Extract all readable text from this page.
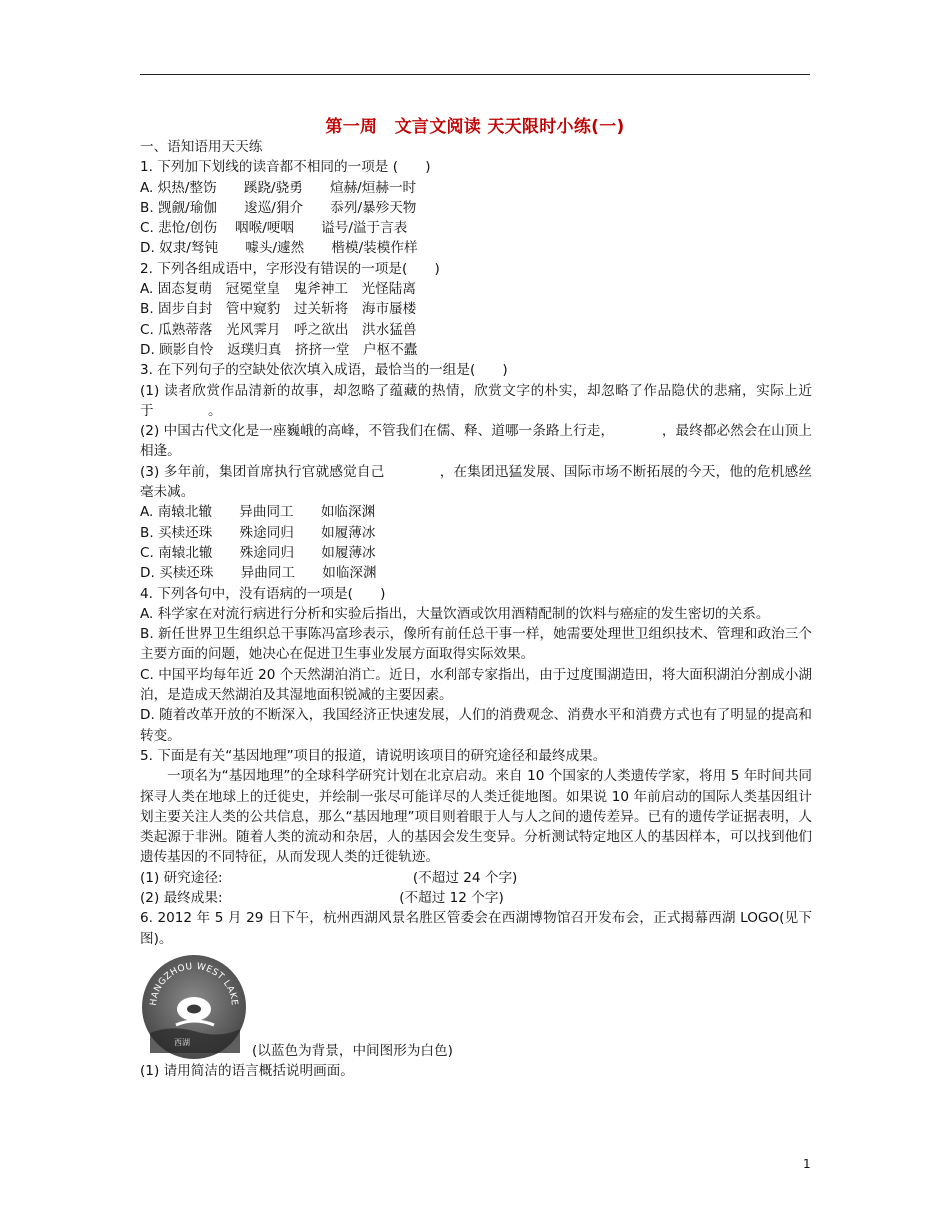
第一周　文言文阅读 天天限时小练(一)
一、语知语用天天练
1. 下列加下划线的读音都不相同的一项是 (　　)
A. 炽热/整饬　　蹊跷/骁勇　　煊赫/烜赫一时
B. 觊觎/瑜伽　　逡巡/狷介　　忝列/暴殄天物
C. 悲怆/创伤　 咽喉/哽咽　　谥号/溢于言表
D. 奴隶/驽钝　　噱头/遽然　　楷模/装模作样
2. 下列各组成语中，字形没有错误的一项是(　　)
A. 固态复萌　冠冕堂皇　鬼斧神工　光怪陆离
B. 固步自封　管中窥豹　过关斩将　海市蜃楼
C. 瓜熟蒂落　光风霁月　呼之欲出　洪水猛兽
D. 顾影自怜　返璞归真　挤挤一堂　户枢不蠹
3. 在下列句子的空缺处依次填入成语，最恰当的一组是(　　)
(1) 读者欣赏作品清新的故事，却忽略了蕴藏的热情，欣赏文字的朴实，却忽略了作品隐伏的悲痛，实际上近于　　　　。
(2) 中国古代文化是一座巍峨的高峰，不管我们在儒、释、道哪一条路上行走，　　　　，最终都必然会在山顶上相逢。
(3) 多年前，集团首席执行官就感觉自己　　　　，在集团迅猛发展、国际市场不断拓展的今天，他的危机感丝毫未减。
A. 南辕北辙　　异曲同工　　如临深渊
B. 买椟还珠　　殊途同归　　如履薄冰
C. 南辕北辙　　殊途同归　　如履薄冰
D. 买椟还珠　　异曲同工　　如临深渊
4. 下列各句中，没有语病的一项是(　　)
A. 科学家在对流行病进行分析和实验后指出，大量饮酒或饮用酒精配制的饮料与癌症的发生密切的关系。
B. 新任世界卫生组织总干事陈冯富珍表示，像所有前任总干事一样，她需要处理世卫组织技术、管理和政治三个主要方面的问题，她决心在促进卫生事业发展方面取得实际效果。
C. 中国平均每年近 20 个天然湖泊消亡。近日，水利部专家指出，由于过度围湖造田，将大面积湖泊分割成小湖泊，是造成天然湖泊及其湿地面积锐减的主要因素。
D. 随着改革开放的不断深入，我国经济正快速发展，人们的消费观念、消费水平和消费方式也有了明显的提高和转变。
5. 下面是有关“基因地理”项目的报道，请说明该项目的研究途径和最终成果。
一项名为“基因地理”的全球科学研究计划在北京启动。来自 10 个国家的人类遗传学家，将用 5 年时间共同探寻人类在地球上的迁徙史，并绘制一张尽可能详尽的人类迁徙地图。如果说 10 年前启动的国际人类基因组计划主要关注人类的公共信息，那么“基因地理”项目则着眼于人与人之间的遗传差异。已有的遗传学证据表明，人类起源于非洲。随着人类的流动和杂居，人的基因会发生变异。分析测试特定地区人的基因样本，可以找到他们遗传基因的不同特征，从而发现人类的迁徙轨迹。
(1) 研究途径:　　　　　　　　　　　　　　(不超过 24 个字)
(2) 最终成果:　　　　　　　　　　　　　(不超过 12 个字)
6. 2012 年 5 月 29 日下午，杭州西湖风景名胜区管委会在西湖博物馆召开发布会，正式揭幕西湖 LOGO(见下图)。
HANGZHOU WEST LAKE
西湖
(以蓝色为背景，中间图形为白色)
(1) 请用简洁的语言概括说明画面。
1
